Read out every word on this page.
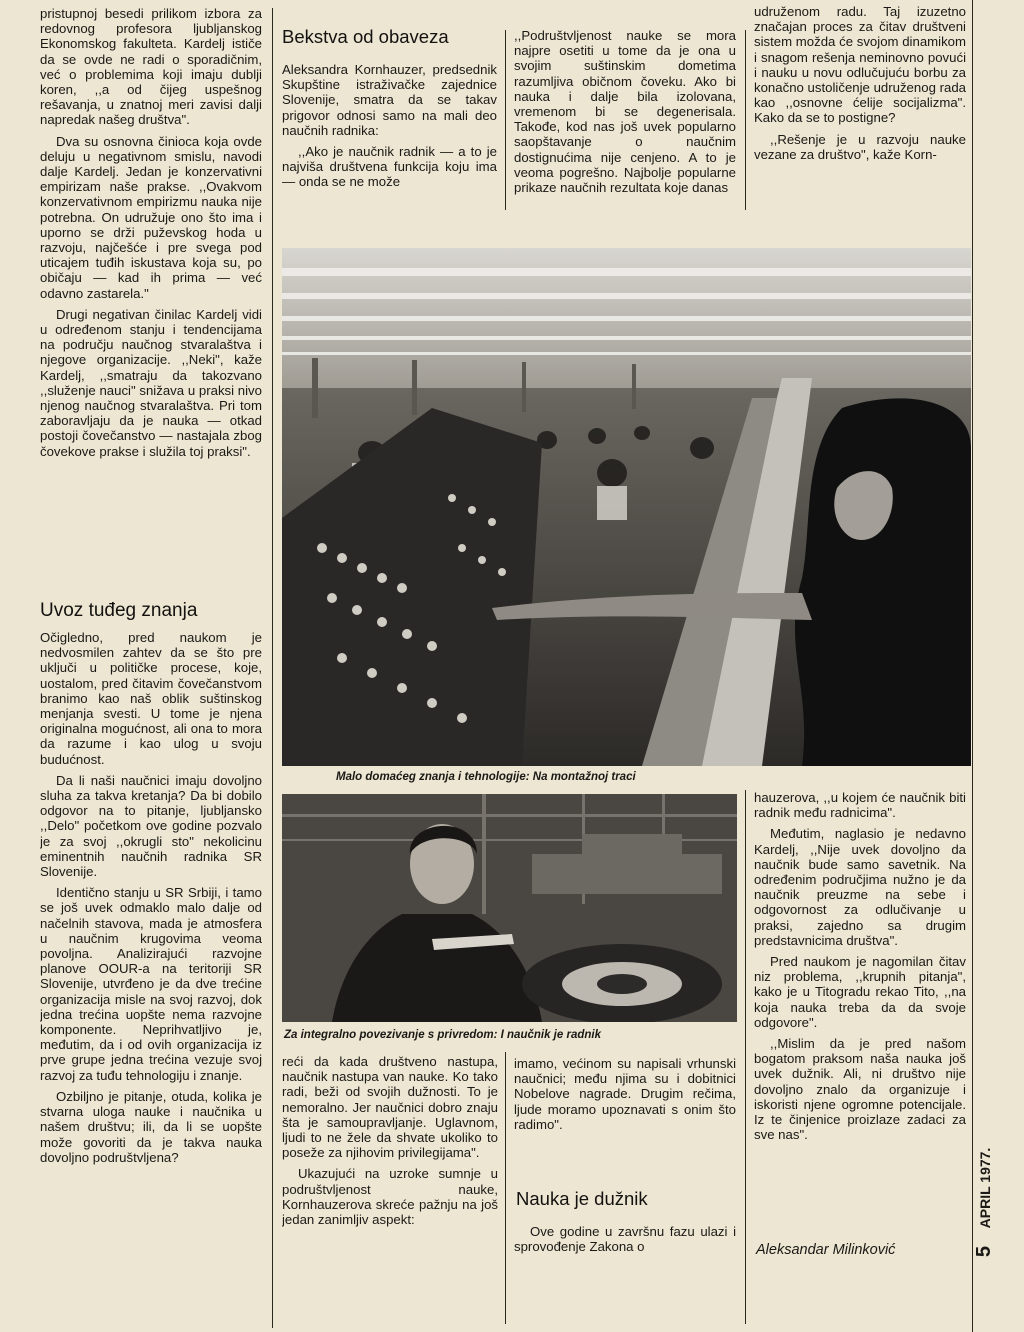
pristupnoj besedi prilikom izbora za redovnog profesora ljubljanskog Ekonomskog fakulteta. Kardelj ističe da se ovde ne radi o sporadičnim, već o problemima koji imaju dublji koren, ,,a od čijeg uspešnog rešavanja, u znatnoj meri zavisi dalji napredak našeg društva".

Dva su osnovna činioca koja ovde deluju u negativnom smislu, navodi dalje Kardelj. Jedan je konzervativni empirizam naše prakse. ,,Ovakvom konzervativnom empirizmu nauka nije potrebna. On udružuje ono što ima i uporno se drži puževskog hoda u razvoju, najčešće i pre svega pod uticajem tuđih iskustava koja su, po običaju — kad ih prima — već odavno zastarela."

Drugi negativan činilac Kardelj vidi u određenom stanju i tendencijama na području naučnog stvaralaštva i njegove organizacije. ,,Neki", kaže Kardelj, ,,smatraju da takozvano ,,služenje nauci" snižava u praksi nivo njenog naučnog stvaralaštva. Pri tom zaboravljaju da je nauka — otkad postoji čovečanstvo — nastajala zbog čovekove prakse i služila toj praksi".

Uvoz tuđeg znanja

Očigledno, pred naukom je nedvosmilen zahtev da se što pre uključi u političke procese, koje, uostalom, pred čitavim čovečanstvom branimo kao naš oblik suštinskog menjanja svesti. U tome je njena originalna mogućnost, ali ona to mora da razume i kao ulog u svoju budućnost.

Da li naši naučnici imaju dovoljno sluha za takva kretanja? Da bi dobilo odgovor na to pitanje, ljubljansko ,,Delo" početkom ove godine pozvalo je za svoj ,,okrugli sto" nekolicinu eminentnih naučnih radnika SR Slovenije.

Identično stanju u SR Srbiji, i tamo se još uvek odmaklo malo dalje od načelnih stavova, mada je atmosfera u naučnim krugovima veoma povoljna. Analizirajući razvojne planove OOUR-a na teritoriji SR Slovenije, utvrđeno je da dve trećine organizacija misle na svoj razvoj, dok jedna trećina uopšte nema razvojne komponente. Neprihvatljivo je, međutim, da i od ovih organizacija iz prve grupe jedna trećina vezuje svoj razvoj za tuđu tehnologiju i znanje.

Ozbiljno je pitanje, otuda, kolika je stvarna uloga nauke i naučnika u našem društvu; ili, da li se uopšte može govoriti da je takva nauka dovoljno podruštvljena?

Bekstva od obaveza

Aleksandra Kornhauzer, predsednik Skupštine istraživačke zajednice Slovenije, smatra da se takav prigovor odnosi samo na mali deo naučnih radnika:

,,Ako je naučnik radnik — a to je najviša društvena funkcija koju ima — onda se ne može

,,Podruštvljenost nauke se mora najpre osetiti u tome da je ona u svojim suštinskim dometima razumljiva običnom čoveku. Ako bi nauka i dalje bila izolovana, vremenom bi se degenerisala. Takođe, kod nas još uvek popularno saopštavanje o naučnim dostignućima nije cenjeno. A to je veoma pogrešno. Najbolje popularne prikaze naučnih rezultata koje danas

udruženom radu. Taj izuzetno značajan proces za čitav društveni sistem možda će svojom dinamikom i snagom rešenja neminovno povući i nauku u novu odlučujuću borbu za konačno ustoličenje udruženog rada kao ,,osnovne ćelije socijalizma". Kako da se to postigne?

,,Rešenje je u razvoju nauke vezane za društvo", kaže Korn-

Malo domaćeg znanja i tehnologije: Na montažnoj traci

hauzerova, ,,u kojem će naučnik biti radnik među radnicima".

Međutim, naglasio je nedavno Kardelj, ,,Nije uvek dovoljno da naučnik bude samo savetnik. Na određenim područjima nužno je da naučnik preuzme na sebe i odgovornost za odlučivanje u praksi, zajedno sa drugim predstavnicima društva".

Pred naukom je nagomilan čitav niz problema, ,,krupnih pitanja", kako je u Titogradu rekao Tito, ,,na koja nauka treba da da svoje odgovore".

,,Mislim da je pred našom bogatom praksom naša nauka još uvek dužnik. Ali, ni društvo nije dovoljno znalo da organizuje i iskoristi njene ogromne potencijale. Iz te činjenice proizlaze zadaci za sve nas".

Za integralno povezivanje s privredom: I naučnik je radnik

reći da kada društveno nastupa, naučnik nastupa van nauke. Ko tako radi, beži od svojih dužnosti. To je nemoralno. Jer naučnici dobro znaju šta je samoupravljanje. Uglavnom, ljudi to ne žele da shvate ukoliko to poseže za njihovim privilegijama".

Ukazujući na uzroke sumnje u podruštvljenost nauke, Kornhauzerova skreće pažnju na još jedan zanimljiv aspekt:

imamo, većinom su napisali vrhunski naučnici; među njima su i dobitnici Nobelove nagrade. Drugim rečima, ljude moramo upoznavati s onim što radimo".

Nauka je dužnik

Ove godine u završnu fazu ulazi i sprovođenje Zakona o	Aleksandar Milinković	5
APRIL 1977.
